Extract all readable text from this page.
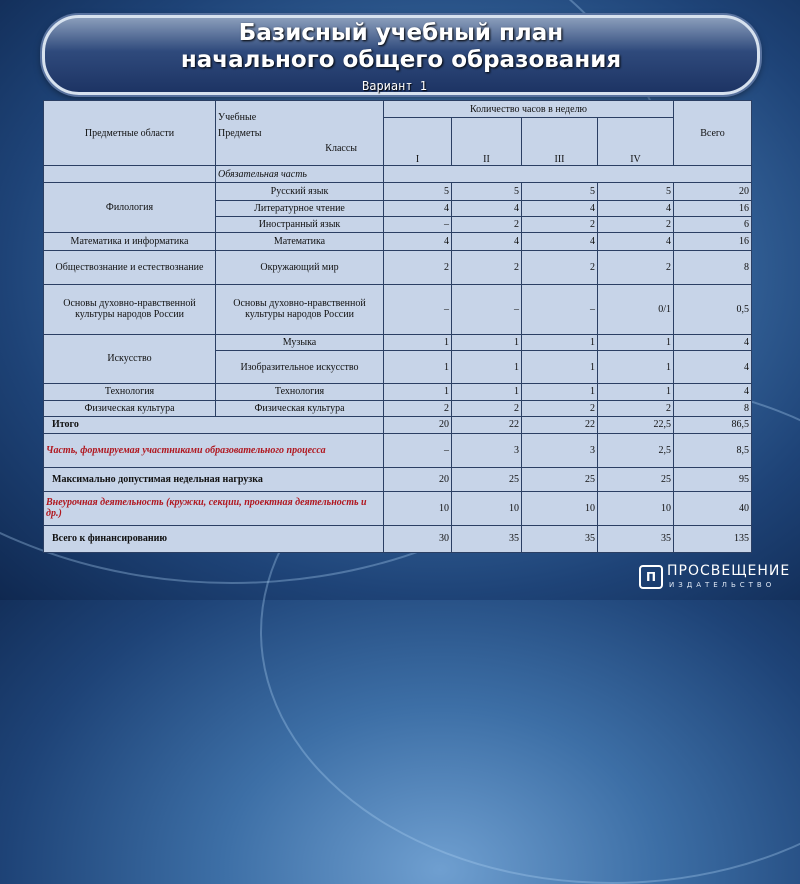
Базисный учебный план
начального общего образования
Вариант 1
Предметные области	Учебные
Предметы
Классы	Количество часов в неделю				Всего
		I	II	III	IV	
	Обязательная часть					
Филология	Русский язык	5	5	5	5	20
	Литературное чтение	4	4	4	4	16
	Иностранный язык	–	2	2	2	6
Математика и информатика	Математика	4	4	4	4	16
Обществознание и естествознание	Окружающий мир	2	2	2	2	8
Основы духовно-нравственной культуры народов России	Основы духовно-нравственной культуры народов России	–	–	–	0/1	0,5
Искусство	Музыка	1	1	1	1	4
	Изобразительное искусство	1	1	1	1	4
Технология	Технология	1	1	1	1	4
Физическая культура	Физическая культура	2	2	2	2	8
Итого		20	22	22	22,5	86,5
Часть, формируемая участниками образовательного процесса		–	3	3	2,5	8,5
Максимально допустимая недельная нагрузка		20	25	25	25	95
Внеурочная деятельность (кружки, секции, проектная деятельность и др.)		10	10	10	10	40
Всего к финансированию		30	35	35	35	135
П ПРОСВЕЩЕНИЕ
ИЗДАТЕЛЬСТВО
